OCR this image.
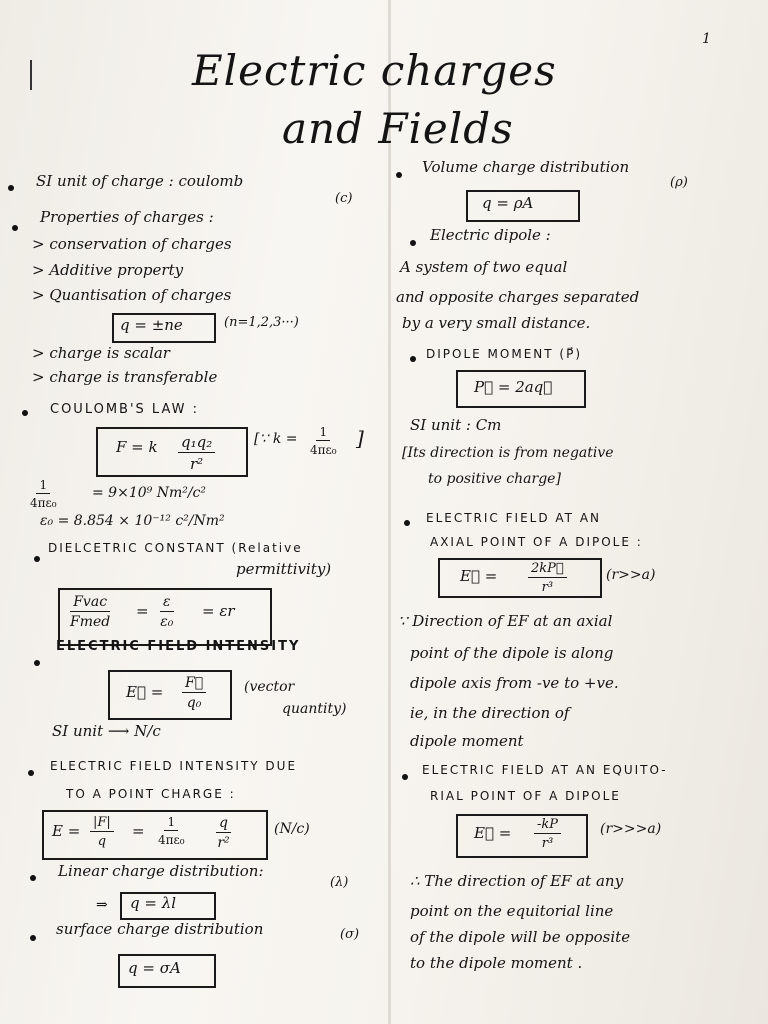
1
Electric charges
and Fields
SI unit of charge : coulomb
(c)
Properties of charges :
> conservation of charges
> Additive property
> Quantisation of charges
q = ±ne	(n=1,2,3···)
> charge is scalar
> charge is transferable
COULOMB'S LAW :
F = k $\frac{\text{q₁q₂}}{\text{r²}}$	[∵ $k = \frac{1}{\text{4πε₀}}$ ]
$\frac{1}{\text{4πε₀}}$	= 9×10⁹ Nm²/c²
ε₀ = 8.854 × 10⁻¹² c²/Nm²
DIELCETRIC CONSTANT (Relative
permittivity)
Fvac
Fmed
= $\frac{\varepsilon}{\text{ε₀}} = \varepsilon r$
ELECTRIC FIELD INTENSITY
E⃗ = $\frac{F⃗}{\text{q₀}}$	(vector
quantity)
SI unit ⟶ N/c
ELECTRIC FIELD INTENSITY DUE
TO A POINT CHARGE :
$E = \frac{|F|}{q} = \frac{1}{\text{4πε₀}} \frac{q}{\text{r²}}$	(N/c)
Linear charge distribution:
(λ)
⇒ q = λl
surface charge distribution	(σ)
q = σA
Volume charge distribution
(ρ)
q = ρA
Electric dipole :
A system of two equal
and opposite charges separated
by a very small distance.
DIPOLE MOMENT (P⃗)
P⃗ = 2aq⃗
SI unit : Cm
[Its direction is from negative
to positive charge]
ELECTRIC FIELD AT AN
AXIAL POINT OF A DIPOLE :
E⃗ = $\frac{2kP⃗}{\text{r³}}$	(r>>a)
∵ Direction of EF at an axial
point of the dipole is along
dipole axis from -ve to +ve.
ie, in the direction of
dipole moment
ELECTRIC FIELD AT AN EQUITO-
RIAL POINT OF A DIPOLE
E⃗ = $\frac{-kP}{\text{r³}}$	(r>>>a)
∴ The direction of EF at any
point on the equitorial line
of the dipole will be opposite
to the dipole moment .
